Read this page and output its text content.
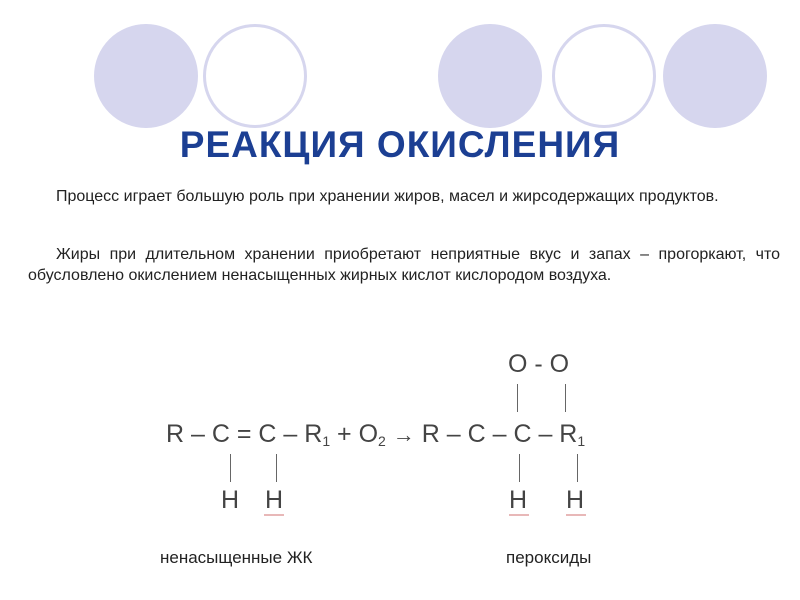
РЕАКЦИЯ ОКИСЛЕНИЯ
Процесс играет большую роль при хранении жиров, масел и жирсодержащих продуктов.
Жиры при длительном хранении приобретают неприятные вкус и запах – прогоркают, что обусловлено окислением ненасыщенных жирных кислот кислородом воздуха.
O - O
$R - C = C - R_1 + O_2 \to R - C - C - R_1$
H H	H H
ненасыщенные ЖК	пероксиды
